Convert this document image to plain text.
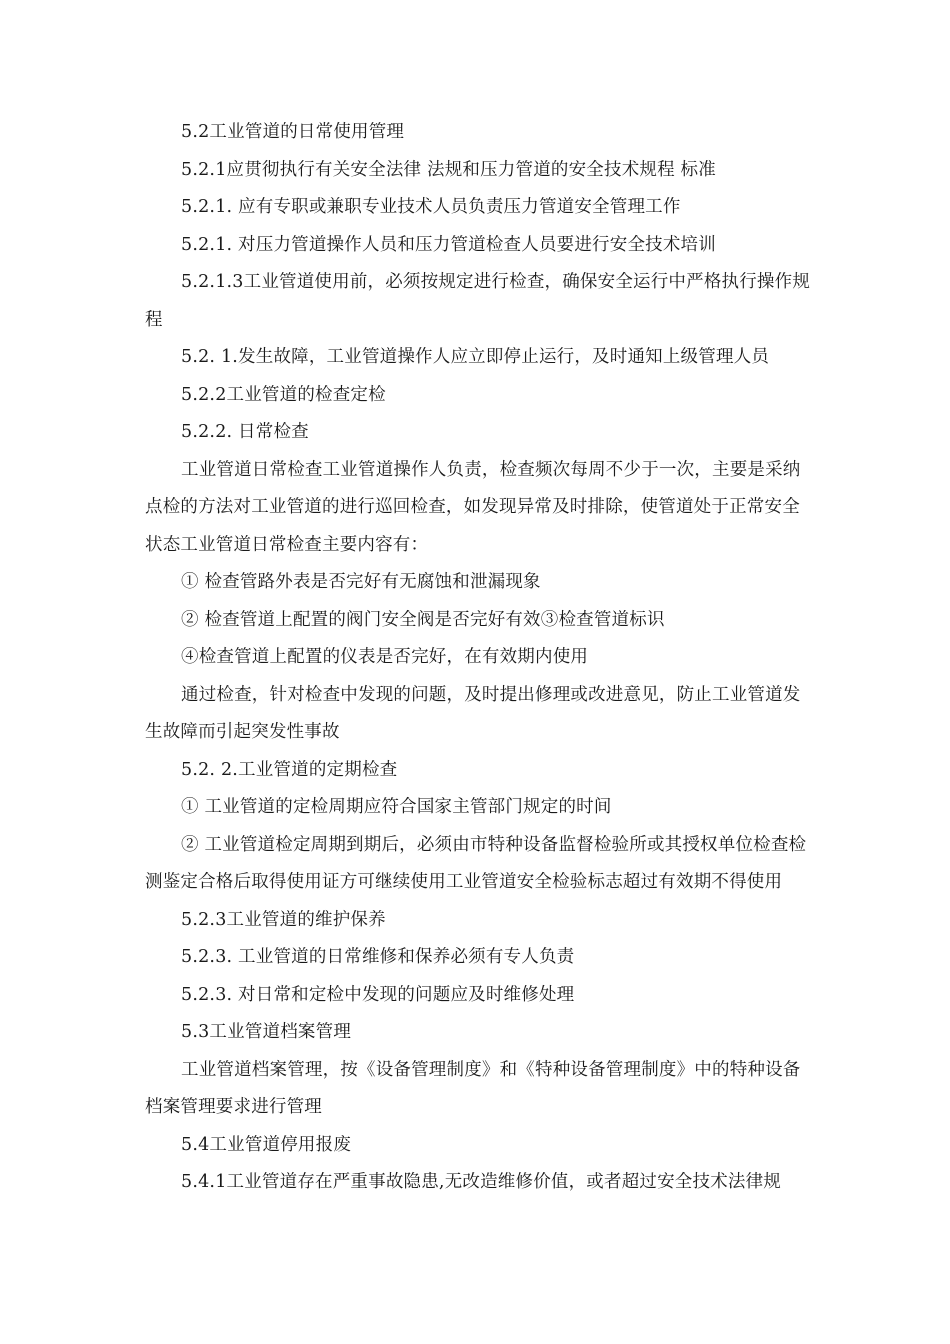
5.2工业管道的日常使用管理

5.2.1应贯彻执行有关安全法律 法规和压力管道的安全技术规程 标准

5.2.1. 应有专职或兼职专业技术人员负责压力管道安全管理工作

5.2.1. 对压力管道操作人员和压力管道检查人员要进行安全技术培训

5.2.1.3工业管道使用前，必须按规定进行检查，确保安全运行中严格执行操作规程

5.2. 1.发生故障，工业管道操作人应立即停止运行，及时通知上级管理人员

5.2.2工业管道的检查定检

5.2.2. 日常检查

工业管道日常检查工业管道操作人负责，检查频次每周不少于一次，主要是采纳点检的方法对工业管道的进行巡回检查，如发现异常及时排除，使管道处于正常安全状态工业管道日常检查主要内容有：

① 检查管路外表是否完好有无腐蚀和泄漏现象

② 检查管道上配置的阀门安全阀是否完好有效③检查管道标识

④检查管道上配置的仪表是否完好，在有效期内使用

通过检查，针对检查中发现的问题，及时提出修理或改进意见，防止工业管道发生故障而引起突发性事故

5.2. 2.工业管道的定期检查

① 工业管道的定检周期应符合国家主管部门规定的时间

② 工业管道检定周期到期后，必须由市特种设备监督检验所或其授权单位检查检测鉴定合格后取得使用证方可继续使用工业管道安全检验标志超过有效期不得使用

5.2.3工业管道的维护保养

5.2.3. 工业管道的日常维修和保养必须有专人负责

5.2.3. 对日常和定检中发现的问题应及时维修处理

5.3工业管道档案管理

工业管道档案管理，按《设备管理制度》和《特种设备管理制度》中的特种设备档案管理要求进行管理

5.4工业管道停用报废

5.4.1工业管道存在严重事故隐患,无改造维修价值，或者超过安全技术法律规
